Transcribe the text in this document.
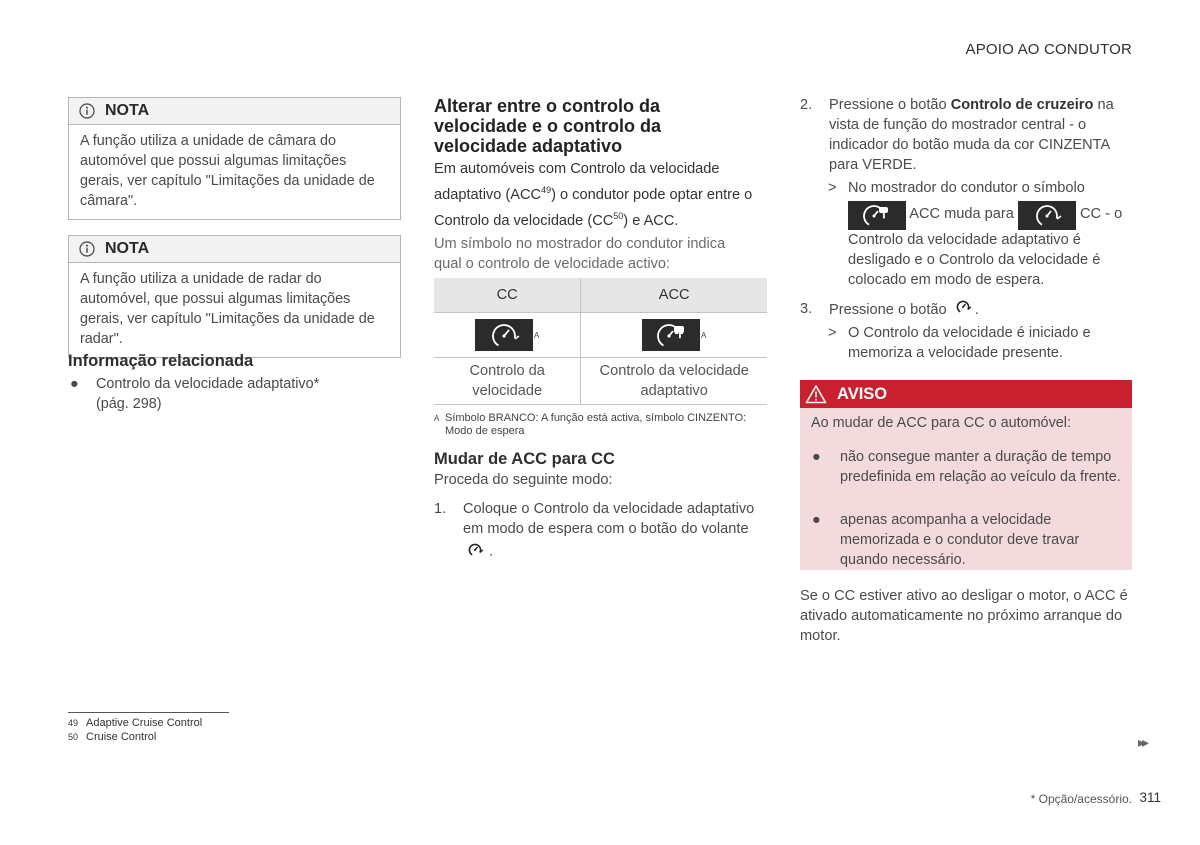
APOIO AO CONDUTOR
NOTA
A função utiliza a unidade de câmara do automóvel que possui algumas limitações gerais, ver capítulo "Limitações da unidade de câmara".
NOTA
A função utiliza a unidade de radar do automóvel, que possui algumas limitações gerais, ver capítulo "Limitações da unidade de radar".
Informação relacionada
● Controlo da velocidade adaptativo*
(pág. 298)
Alterar entre o controlo da velocidade e o controlo da velocidade adaptativo
Em automóveis com Controlo da velocidade adaptativo (ACC$^{49}$) o condutor pode optar entre o Controlo da velocidade (CC$^{50}$) e ACC.
Um símbolo no mostrador do condutor indica qual o controlo de velocidade activo:
CC	ACC
A	A
Controlo da velocidade	Controlo da velocidade adaptativo
A Símbolo BRANCO: A função está activa, símbolo CINZENTO: Modo de espera
Mudar de ACC para CC
Proceda do seguinte modo:
1. Coloque o Controlo da velocidade adaptativo em modo de espera com o botão do volante
.
2. Pressione o botão Controlo de cruzeiro na vista de função do mostrador central - o indicador do botão muda da cor CINZENTA para VERDE.
> No mostrador do condutor o símbolo
ACC muda para	CC - o Controlo da velocidade adaptativo é desligado e o Controlo da velocidade é colocado em modo de espera.
3. Pressione o botão .
> O Controlo da velocidade é iniciado e memoriza a velocidade presente.
AVISO
Ao mudar de ACC para CC o automóvel:
● não consegue manter a duração de tempo predefinida em relação ao veículo da frente.
● apenas acompanha a velocidade memorizada e o condutor deve travar quando necessário.
Se o CC estiver ativo ao desligar o motor, o ACC é ativado automaticamente no próximo arranque do motor.
49 Adaptive Cruise Control
50 Cruise Control	▸▸
* Opção/acessório. 311
